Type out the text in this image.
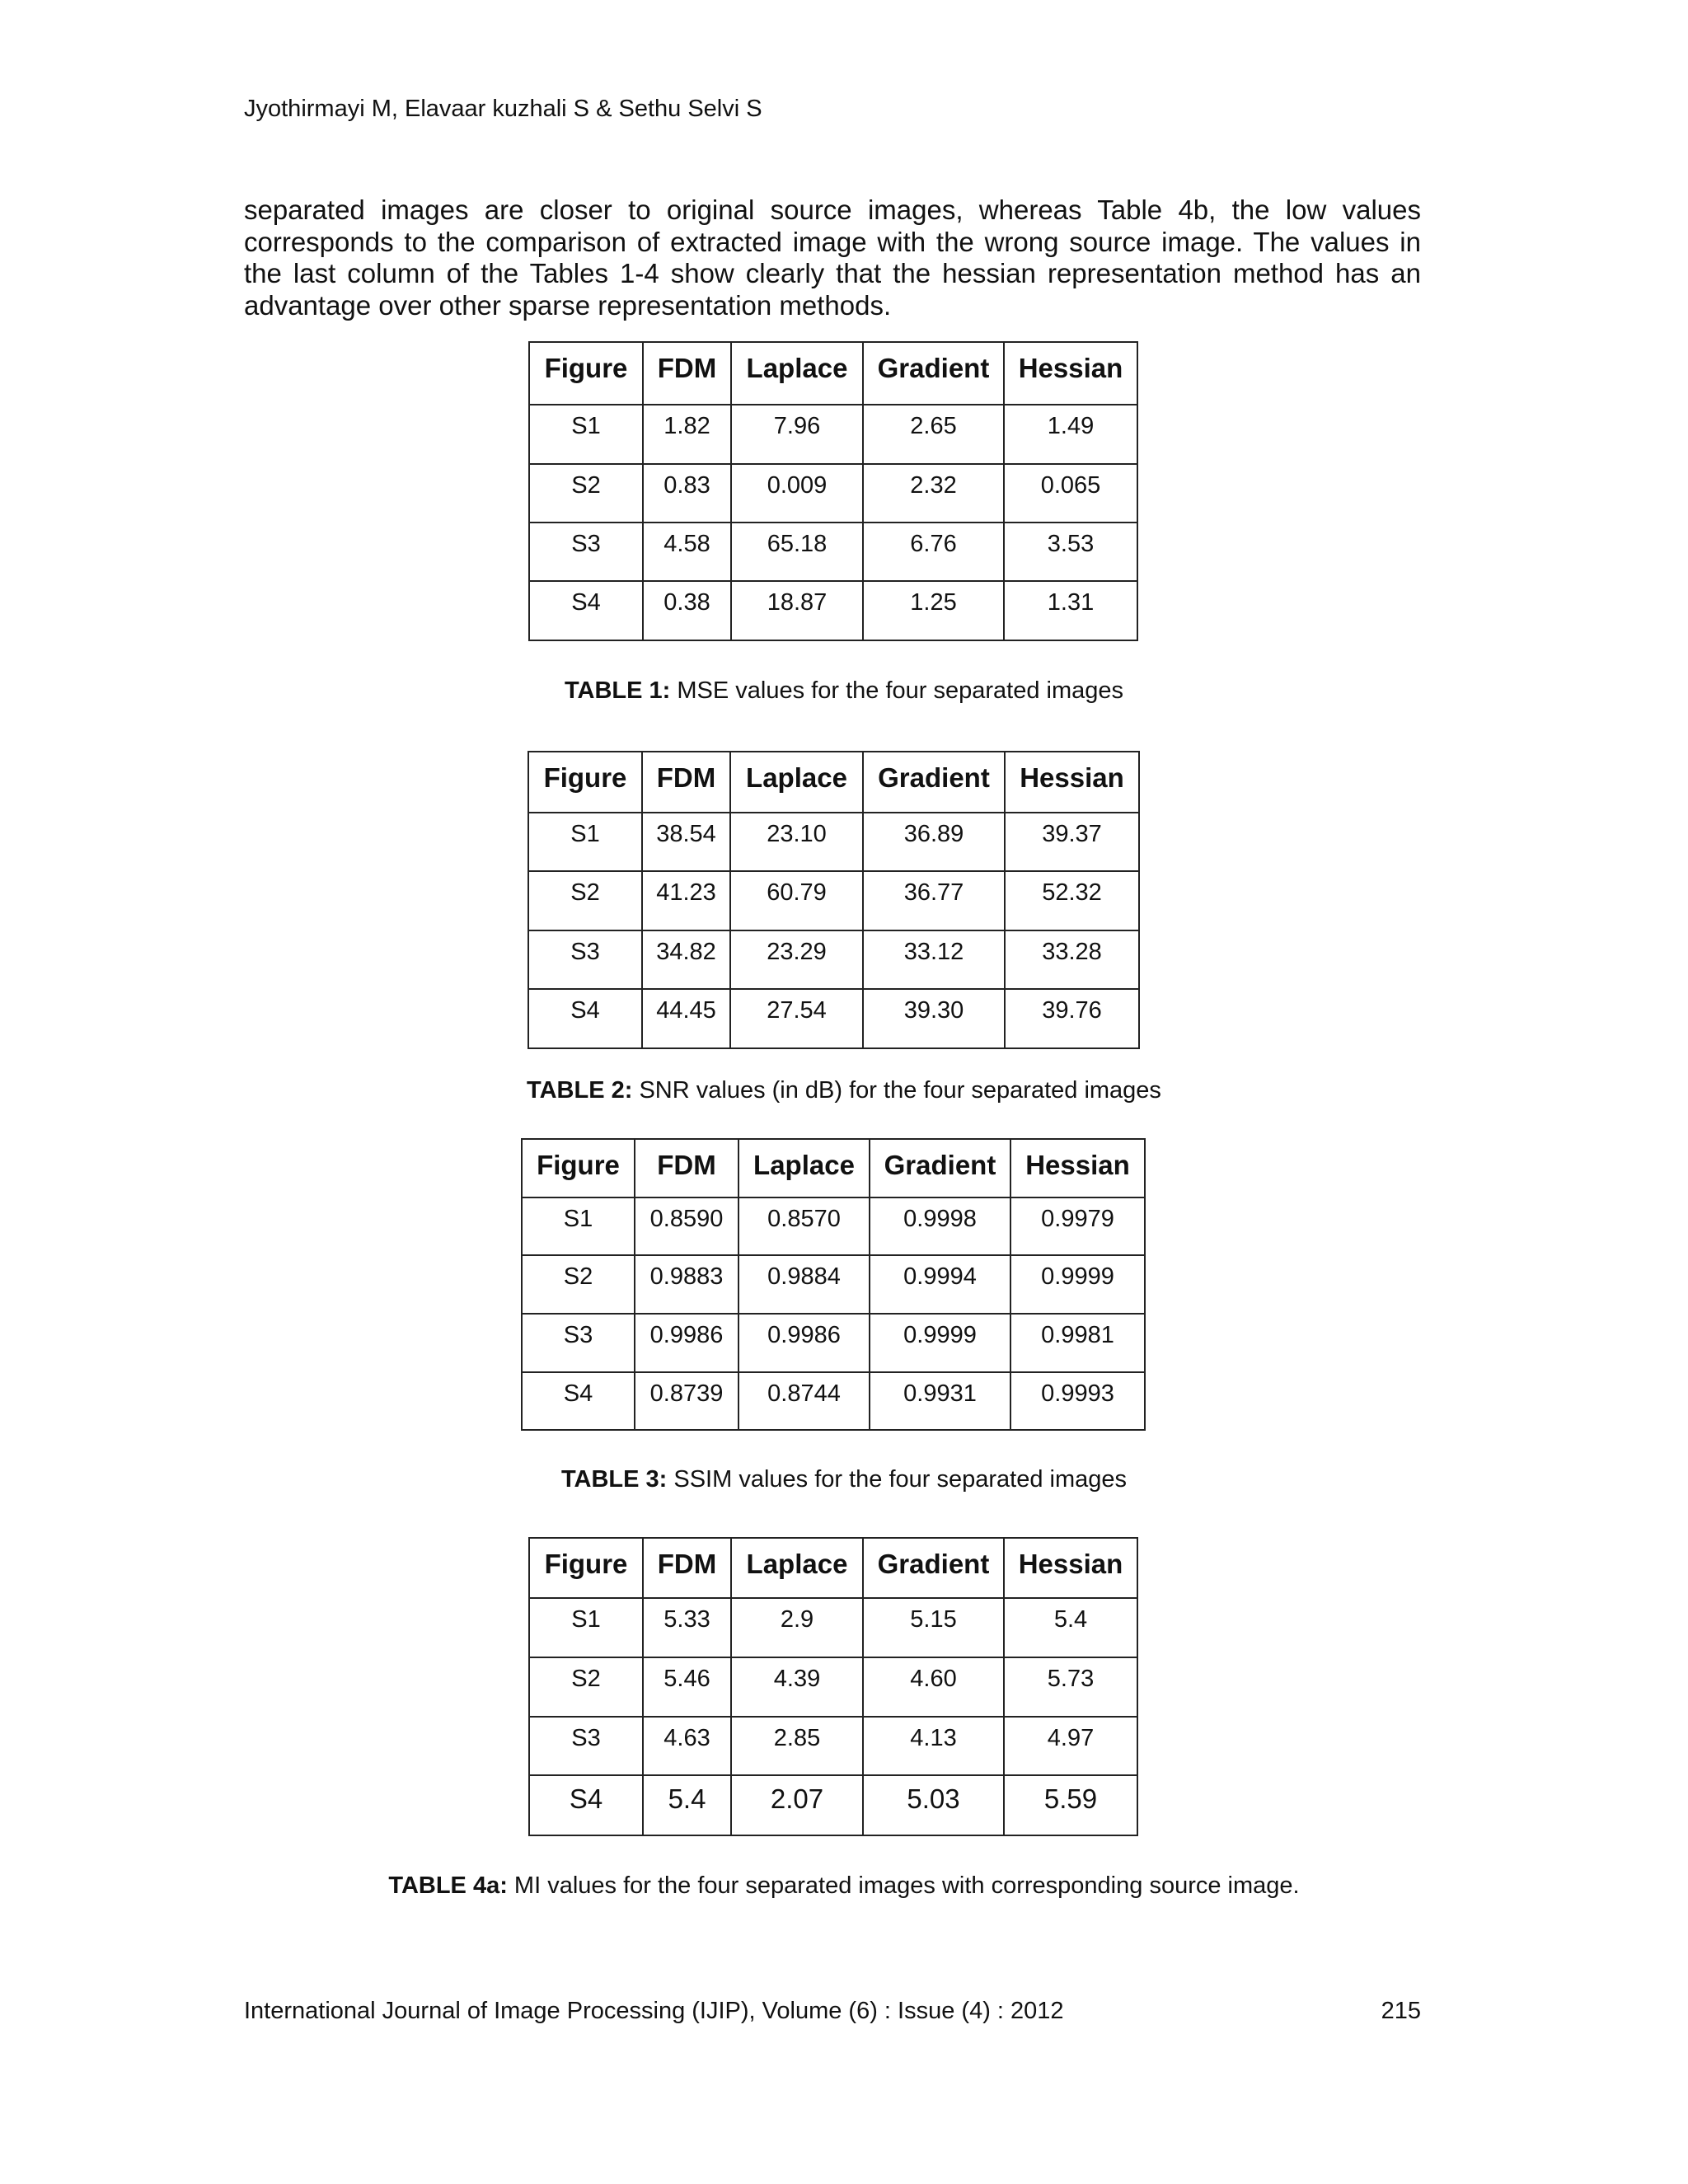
Jyothirmayi M, Elavaar kuzhali S & Sethu Selvi S

separated images are closer to original source images, whereas Table 4b, the low values corresponds to the comparison of extracted image with the wrong source image. The values in the last column of the Tables 1-4 show clearly that the hessian representation method has an advantage over other sparse representation methods.

Figure	FDM	Laplace	Gradient	Hessian
S1	1.82	7.96	2.65	1.49
S2	0.83	0.009	2.32	0.065
S3	4.58	65.18	6.76	3.53
S4	0.38	18.87	1.25	1.31
TABLE 1: MSE values for the four separated images
Figure	FDM	Laplace	Gradient	Hessian
S1	38.54	23.10	36.89	39.37
S2	41.23	60.79	36.77	52.32
S3	34.82	23.29	33.12	33.28
S4	44.45	27.54	39.30	39.76
TABLE 2: SNR values (in dB) for the four separated images
Figure	FDM	Laplace	Gradient	Hessian
S1	0.8590	0.8570	0.9998	0.9979
S2	0.9883	0.9884	0.9994	0.9999
S3	0.9986	0.9986	0.9999	0.9981
S4	0.8739	0.8744	0.9931	0.9993
TABLE 3: SSIM values for the four separated images
Figure	FDM	Laplace	Gradient	Hessian
S1	5.33	2.9	5.15	5.4
S2	5.46	4.39	4.60	5.73
S3	4.63	2.85	4.13	4.97
S4	5.4	2.07	5.03	5.59
TABLE 4a: MI values for the four separated images with corresponding source image.
International Journal of Image Processing (IJIP), Volume (6) : Issue (4) : 2012	215
